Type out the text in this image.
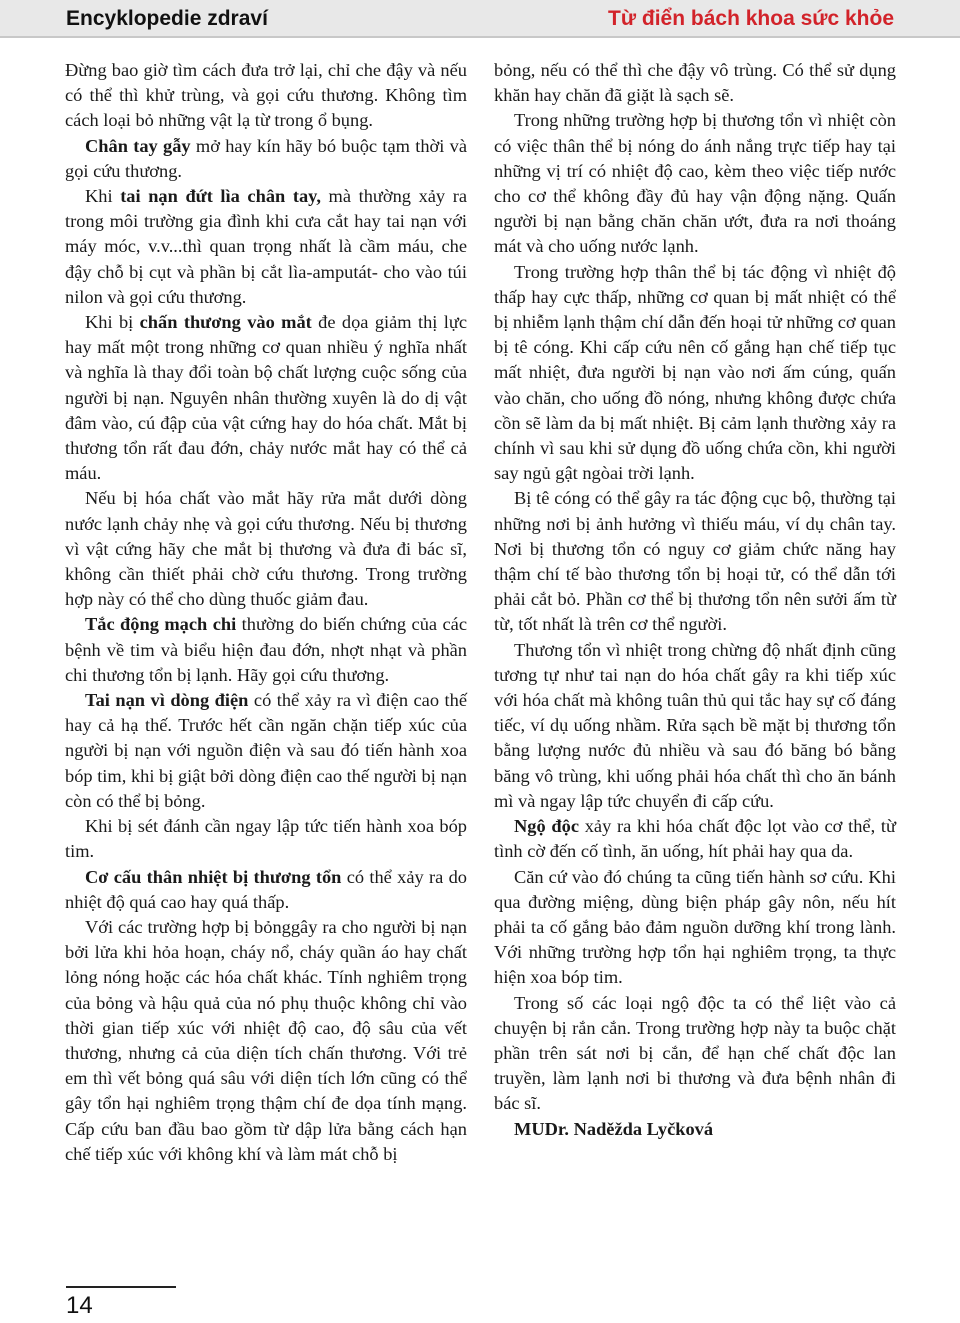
Encyklopedie zdraví	Từ điển bách khoa sức khỏe

Đừng bao giờ tìm cách đưa trở lại, chỉ che đậy và nếu có thể thì khử trùng, và gọi cứu thương. Không tìm cách loại bỏ những vật lạ từ trong ổ bụng.

Chân tay gẫy mở hay kín hãy bó buộc tạm thời và gọi cứu thương.

Khi tai nạn đứt lìa chân tay, mà thường xảy ra trong môi trường gia đình khi cưa cắt hay tai nạn với máy móc, v.v...thì quan trọng nhất là cầm máu, che đậy chỗ bị cụt và phần bị cắt lìa-amputát- cho vào túi nilon và gọi cứu thương.

Khi bị chấn thương vào mắt đe dọa giảm thị lực hay mất một trong những cơ quan nhiều ý nghĩa nhất và nghĩa là thay đổi toàn bộ chất lượng cuộc sống của người bị nạn. Nguyên nhân thường xuyên là do dị vật đâm vào, cú đập của vật cứng hay do hóa chất. Mắt bị thương tổn rất đau đớn, chảy nước mắt hay có thể cả máu.

Nếu bị hóa chất vào mắt hãy rửa mắt dưới dòng nước lạnh chảy nhẹ và gọi cứu thương. Nếu bị thương vì vật cứng hãy che mắt bị thương và đưa đi bác sĩ, không cần thiết phải chờ cứu thương. Trong trường hợp này có thể cho dùng thuốc giảm đau.

Tắc động mạch chi thường do biến chứng của các bệnh về tim và biểu hiện đau đớn, nhợt nhạt và phần chi thương tổn bị lạnh. Hãy gọi cứu thương.

Tai nạn vì dòng điện có thể xảy ra vì điện cao thế hay cả hạ thế. Trước hết cần ngăn chặn tiếp xúc của người bị nạn với nguồn điện và sau đó tiến hành xoa bóp tim, khi bị giật bởi dòng điện cao thế người bị nạn còn có thể bị bỏng.

Khi bị sét đánh cần ngay lập tức tiến hành xoa bóp tim.

Cơ cấu thân nhiệt bị thương tổn có thể xảy ra do nhiệt độ quá cao hay quá thấp.

Với các trường hợp bị bỏnggây ra cho người bị nạn bởi lửa khi hỏa hoạn, cháy nổ, cháy quần áo hay chất lỏng nóng hoặc các hóa chất khác. Tính nghiêm trọng của bỏng và hậu quả của nó phụ thuộc không chỉ vào thời gian tiếp xúc với nhiệt độ cao, độ sâu của vết thương, nhưng cả của diện tích chấn thương. Với trẻ em thì vết bỏng quá sâu với diện tích lớn cũng có thể gây tổn hại nghiêm trọng thậm chí đe dọa tính mạng. Cấp cứu ban đầu bao gồm từ dập lửa bằng cách hạn chế tiếp xúc với không khí và làm mát chỗ bị

bỏng, nếu có thể thì che đậy vô trùng. Có thể sử dụng khăn hay chăn đã giặt là sạch sẽ.

Trong những trường hợp bị thương tổn vì nhiệt còn có việc thân thể bị nóng do ánh nắng trực tiếp hay tại những vị trí có nhiệt độ cao, kèm theo việc tiếp nước cho cơ thể không đầy đủ hay vận động nặng. Quấn người bị nạn bằng chăn chăn ướt, đưa ra nơi thoáng mát và cho uống nước lạnh.

Trong trường hợp thân thể bị tác động vì nhiệt độ thấp hay cực thấp, những cơ quan bị mất nhiệt có thể bị nhiễm lạnh thậm chí dẫn đến hoại tử những cơ quan bị tê cóng. Khi cấp cứu nên cố gắng hạn chế tiếp tục mất nhiệt, đưa người bị nạn vào nơi ấm cúng, quấn vào chăn, cho uống đồ nóng, nhưng không được chứa cồn sẽ làm da bị mất nhiệt. Bị cảm lạnh thường xảy ra chính vì sau khi sử dụng đồ uống chứa cồn, khi người say ngủ gật ngòai trời lạnh.

Bị tê cóng có thể gây ra tác động cục bộ, thường tại những nơi bị ảnh hưởng vì thiếu máu, ví dụ chân tay. Nơi bị thương tổn có nguy cơ giảm chức năng hay thậm chí tế bào thương tổn bị hoại tử, có thể dẫn tới phải cắt bỏ. Phần cơ thể bị thương tổn nên sưởi ấm từ từ, tốt nhất là trên cơ thể người.

Thương tổn vì nhiệt trong chừng độ nhất định cũng tương tự như tai nạn do hóa chất gây ra khi tiếp xúc với hóa chất mà không tuân thủ qui tắc hay sự cố đáng tiếc, ví dụ uống nhầm. Rửa sạch bề mặt bị thương tổn bằng lượng nước đủ nhiều và sau đó băng bó bằng băng vô trùng, khi uống phải hóa chất thì cho ăn bánh mì và ngay lập tức chuyển đi cấp cứu.

Ngộ độc xảy ra khi hóa chất độc lọt vào cơ thể, từ tình cờ đến cố tình, ăn uống, hít phải hay qua da.

Căn cứ vào đó chúng ta cũng tiến hành sơ cứu. Khi qua đường miệng, dùng biện pháp gây nôn, nếu hít phải ta cố gắng bảo đảm nguồn dưỡng khí trong lành. Với những trường hợp tổn hại nghiêm trọng, ta thực hiện xoa bóp tim.

Trong số các loại ngộ độc ta có thể liệt vào cả chuyện bị rắn cắn. Trong trường hợp này ta buộc chặt phần trên sát nơi bị cắn, để hạn chế chất độc lan truyền, làm lạnh nơi bi thương và đưa bệnh nhân đi bác sĩ.

MUDr. Naděžda Lyčková

14
